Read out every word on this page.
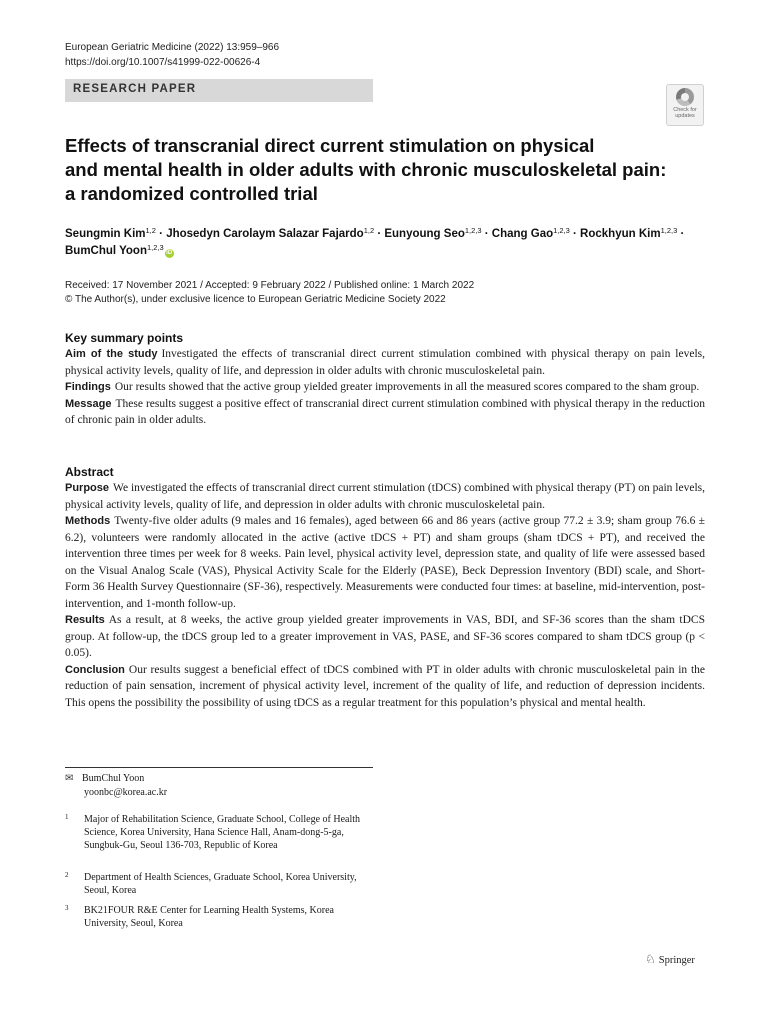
European Geriatric Medicine (2022) 13:959–966
https://doi.org/10.1007/s41999-022-00626-4
RESEARCH PAPER
Check for updates
Effects of transcranial direct current stimulation on physical
and mental health in older adults with chronic musculoskeletal pain:
a randomized controlled trial
Seungmin Kim$^{1,2}$ · Jhosedyn Carolaym Salazar Fajardo$^{1,2}$ · Eunyoung Seo$^{1,2,3}$ · Chang Gao$^{1,2,3}$ · Rockhyun Kim$^{1,2,3}$ ·
BumChul Yoon$^{1,2,3}$iD
Received: 17 November 2021 / Accepted: 9 February 2022 / Published online: 1 March 2022
© The Author(s), under exclusive licence to European Geriatric Medicine Society 2022
Key summary points

Aim of the study Investigated the effects of transcranial direct current stimulation combined with physical therapy on pain levels, physical activity levels, quality of life, and depression in older adults with chronic musculoskeletal pain.

Findings Our results showed that the active group yielded greater improvements in all the measured scores compared to the sham group.

Message These results suggest a positive effect of transcranial direct current stimulation combined with physical therapy in the reduction of chronic pain in older adults.

Abstract

Purpose We investigated the effects of transcranial direct current stimulation (tDCS) combined with physical therapy (PT) on pain levels, physical activity levels, quality of life, and depression in older adults with chronic musculoskeletal pain.

Methods Twenty-five older adults (9 males and 16 females), aged between 66 and 86 years (active group 77.2 ± 3.9; sham group 76.6 ± 6.2), volunteers were randomly allocated in the active (active tDCS + PT) and sham groups (sham tDCS + PT), and received the intervention three times per week for 8 weeks. Pain level, physical activity level, depression state, and quality of life were assessed based on the Visual Analog Scale (VAS), Physical Activity Scale for the Elderly (PASE), Beck Depression Inventory (BDI) scale, and Short-Form 36 Health Survey Questionnaire (SF-36), respectively. Measurements were conducted four times: at baseline, mid-intervention, post-intervention, and 1-month follow-up.

Results As a result, at 8 weeks, the active group yielded greater improvements in VAS, BDI, and SF-36 scores than the sham tDCS group. At follow-up, the tDCS group led to a greater improvement in VAS, PASE, and SF-36 scores compared to sham tDCS group (p < 0.05).

Conclusion Our results suggest a beneficial effect of tDCS combined with PT in older adults with chronic musculoskeletal pain in the reduction of pain sensation, increment of physical activity level, increment of the quality of life, and reduction of depression incidents. This opens the possibility the possibility of using tDCS as a regular treatment for this population’s physical and mental health.

✉ BumChul Yoon
yoonbc@korea.ac.kr
1 Major of Rehabilitation Science, Graduate School, College of Health Science, Korea University, Hana Science Hall, Anam-dong-5-ga, Sungbuk-Gu, Seoul 136-703, Republic of Korea
2 Department of Health Sciences, Graduate School, Korea University, Seoul, Korea
3 BK21FOUR R&E Center for Learning Health Systems, Korea University, Seoul, Korea
♘ Springer
